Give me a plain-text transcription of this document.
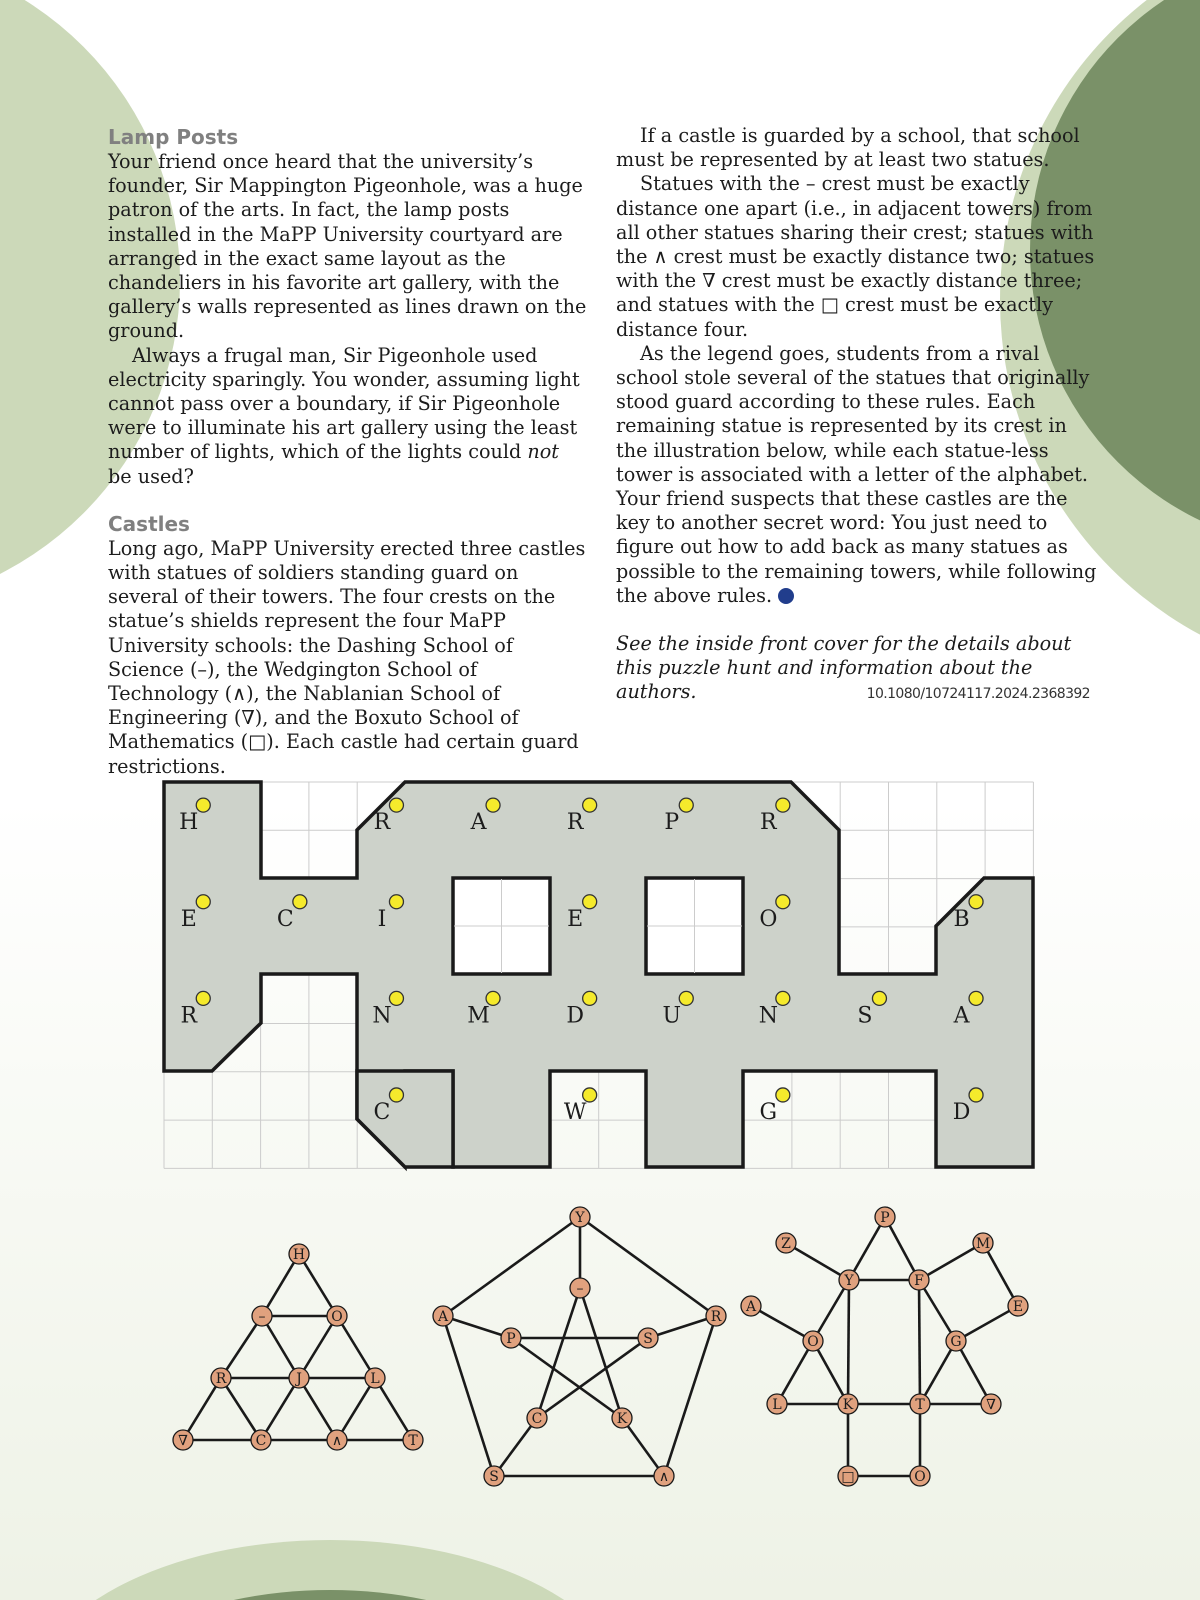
Lamp Posts

Your friend once heard that the university’s founder, Sir Mappington Pigeonhole, was a huge patron of the arts. In fact, the lamp posts installed in the MaPP University courtyard are arranged in the exact same layout as the chandeliers in his favorite art gallery, with the gallery’s walls represented as lines drawn on the ground.

Always a frugal man, Sir Pigeonhole used electricity sparingly. You wonder, assuming light cannot pass over a boundary, if Sir Pigeonhole were to illuminate his art gallery using the least number of lights, which of the lights could not be used?

Castles

Long ago, MaPP University erected three castles with statues of soldiers standing guard on several of their towers. The four crests on the statue’s shields represent the four MaPP University schools: the Dashing School of Science (–), the Wedgington School of Technology (∧), the Nablanian School of Engineering (∇), and the Boxuto School of Mathematics (□). Each castle had certain guard restrictions.

If a castle is guarded by a school, that school must be represented by at least two statues.

Statues with the – crest must be exactly distance one apart (i.e., in adjacent towers) from all other statues sharing their crest; statues with the ∧ crest must be exactly distance two; statues with the ∇ crest must be exactly distance three; and statues with the □ crest must be exactly distance four.

As the legend goes, students from a rival school stole several of the statues that originally stood guard according to these rules. Each remaining statue is represented by its crest in the illustration below, while each statue-less tower is associated with a letter of the alphabet. Your friend suspects that these castles are the key to another secret word: You just need to figure out how to add back as many statues as possible to the remaining towers, while following the above rules.

See the inside front cover for the details about this puzzle hunt and information about the authors.	10.1080/10724117.2024.2368392
H	R	A	R	P	R
E	C	I	E	O	B
R	N	M	D	U	N	S	A
C	W	G	D
H
–	O
R	J	L
∇	C	∧	T
Y
A	R
S	∧
–
P	S
C	K
Z
A
Y
P
F
M
E
O	G
L	K	T	∇
□	O
